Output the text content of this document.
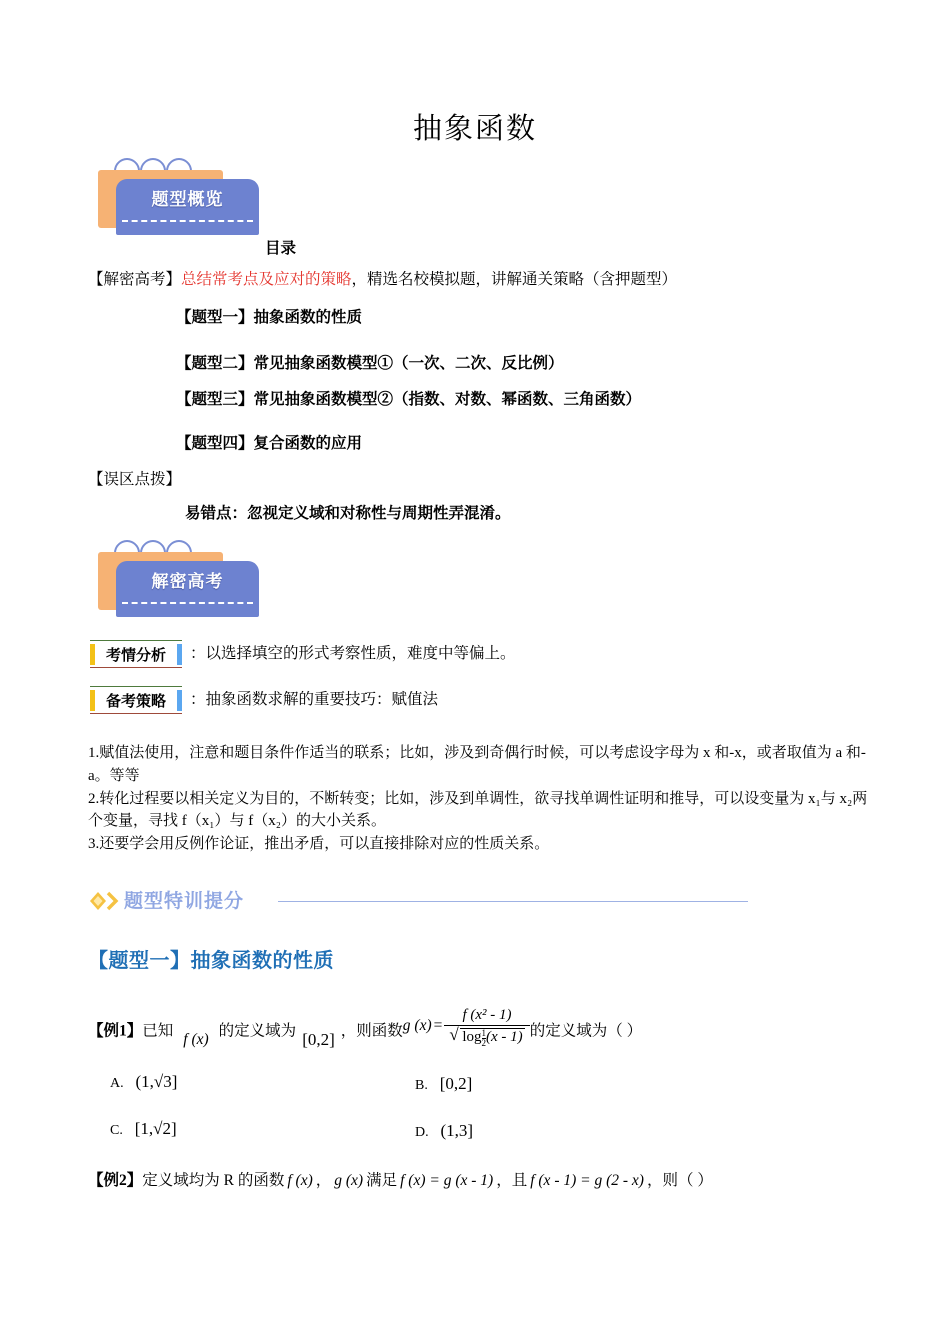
抽象函数
题型概览
目录
【解密高考】总结常考点及应对的策略，精选名校模拟题，讲解通关策略（含押题型）
【题型一】抽象函数的性质
【题型二】常见抽象函数模型①（一次、二次、反比例）
【题型三】常见抽象函数模型②（指数、对数、幂函数、三角函数）
【题型四】复合函数的应用
【误区点拨】
易错点：忽视定义域和对称性与周期性弄混淆。
解密高考
考情分析 ：以选择填空的形式考察性质，难度中等偏上。
备考策略 ：抽象函数求解的重要技巧：赋值法
1.赋值法使用，注意和题目条件作适当的联系；比如，涉及到奇偶行时候，可以考虑设字母为 x 和-x，或者取值为 a 和-a。等等
2.转化过程要以相关定义为目的，不断转变；比如，涉及到单调性，欲寻找单调性证明和推导，可以设变量为 x₁与 x₂两个变量，寻找 f（x₁）与 f（x₂）的大小关系。
3.还要学会用反例作论证，推出矛盾，可以直接排除对应的性质关系。
题型特训提分
【题型一】抽象函数的性质
【例1】已知f (x)的定义域为 [0,2] ，则函数g (x) = f (x² - 1)
√ $\log \frac{1}{2} (x - 1)$ 的定义域为（ ）
A. (1,√3]	B. [0,2]
C. [1,√2]	D. (1,3]
【例2】定义域均为 R 的函数 f (x) ， g (x) 满足 f (x) = g (x - 1) ，且 f (x - 1) = g (2 - x) ，则（ ）
